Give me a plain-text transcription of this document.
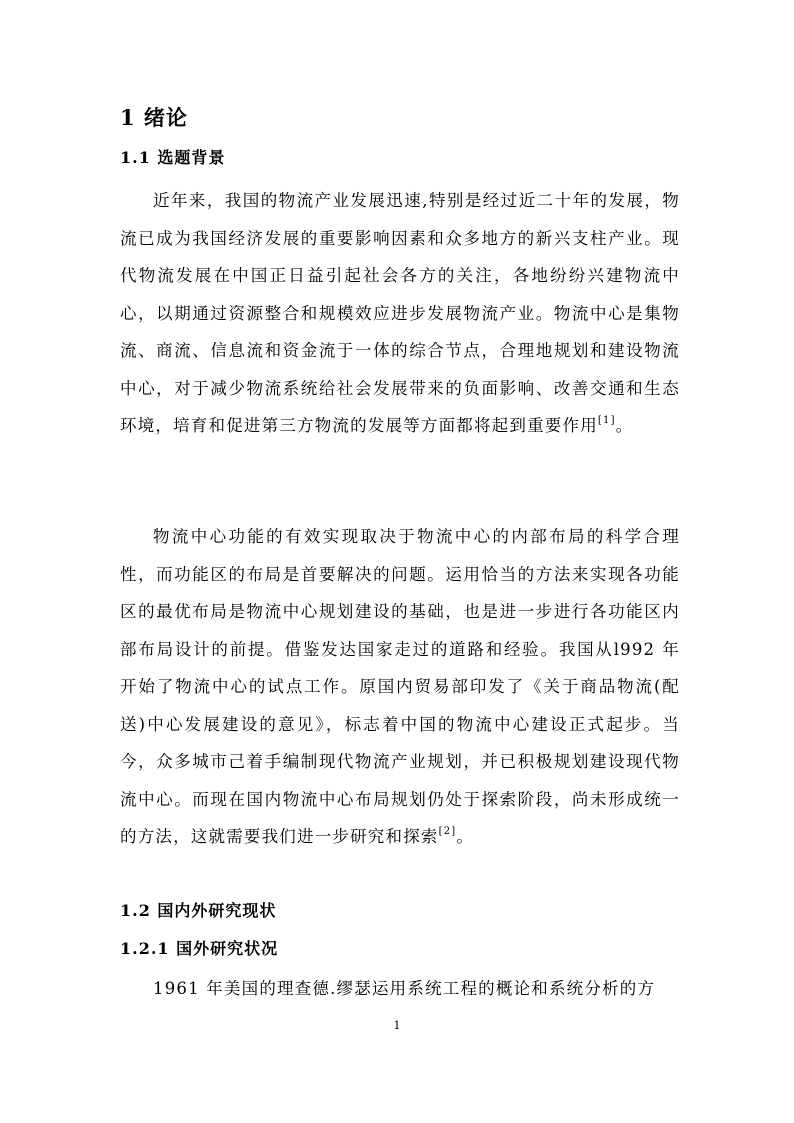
1 绪论
1.1 选题背景
近年来，我国的物流产业发展迅速,特别是经过近二十年的发展，物流已成为我国经济发展的重要影响因素和众多地方的新兴支柱产业。现代物流发展在中国正日益引起社会各方的关注，各地纷纷兴建物流中心，以期通过资源整合和规模效应进步发展物流产业。物流中心是集物流、商流、信息流和资金流于一体的综合节点，合理地规划和建设物流中心，对于减少物流系统给社会发展带来的负面影响、改善交通和生态环境，培育和促进第三方物流的发展等方面都将起到重要作用[1]。
物流中心功能的有效实现取决于物流中心的内部布局的科学合理性，而功能区的布局是首要解决的问题。运用恰当的方法来实现各功能区的最优布局是物流中心规划建设的基础，也是进一步进行各功能区内部布局设计的前提。借鉴发达国家走过的道路和经验。我国从l992 年开始了物流中心的试点工作。原国内贸易部印发了《关于商品物流(配送)中心发展建设的意见》，标志着中国的物流中心建设正式起步。当今，众多城市己着手编制现代物流产业规划，并已积极规划建设现代物流中心。而现在国内物流中心布局规划仍处于探索阶段，尚未形成统一的方法，这就需要我们进一步研究和探索[2]。
1.2 国内外研究现状
1.2.1 国外研究状况
1961 年美国的理查德.缪瑟运用系统工程的概论和系统分析的方
1
